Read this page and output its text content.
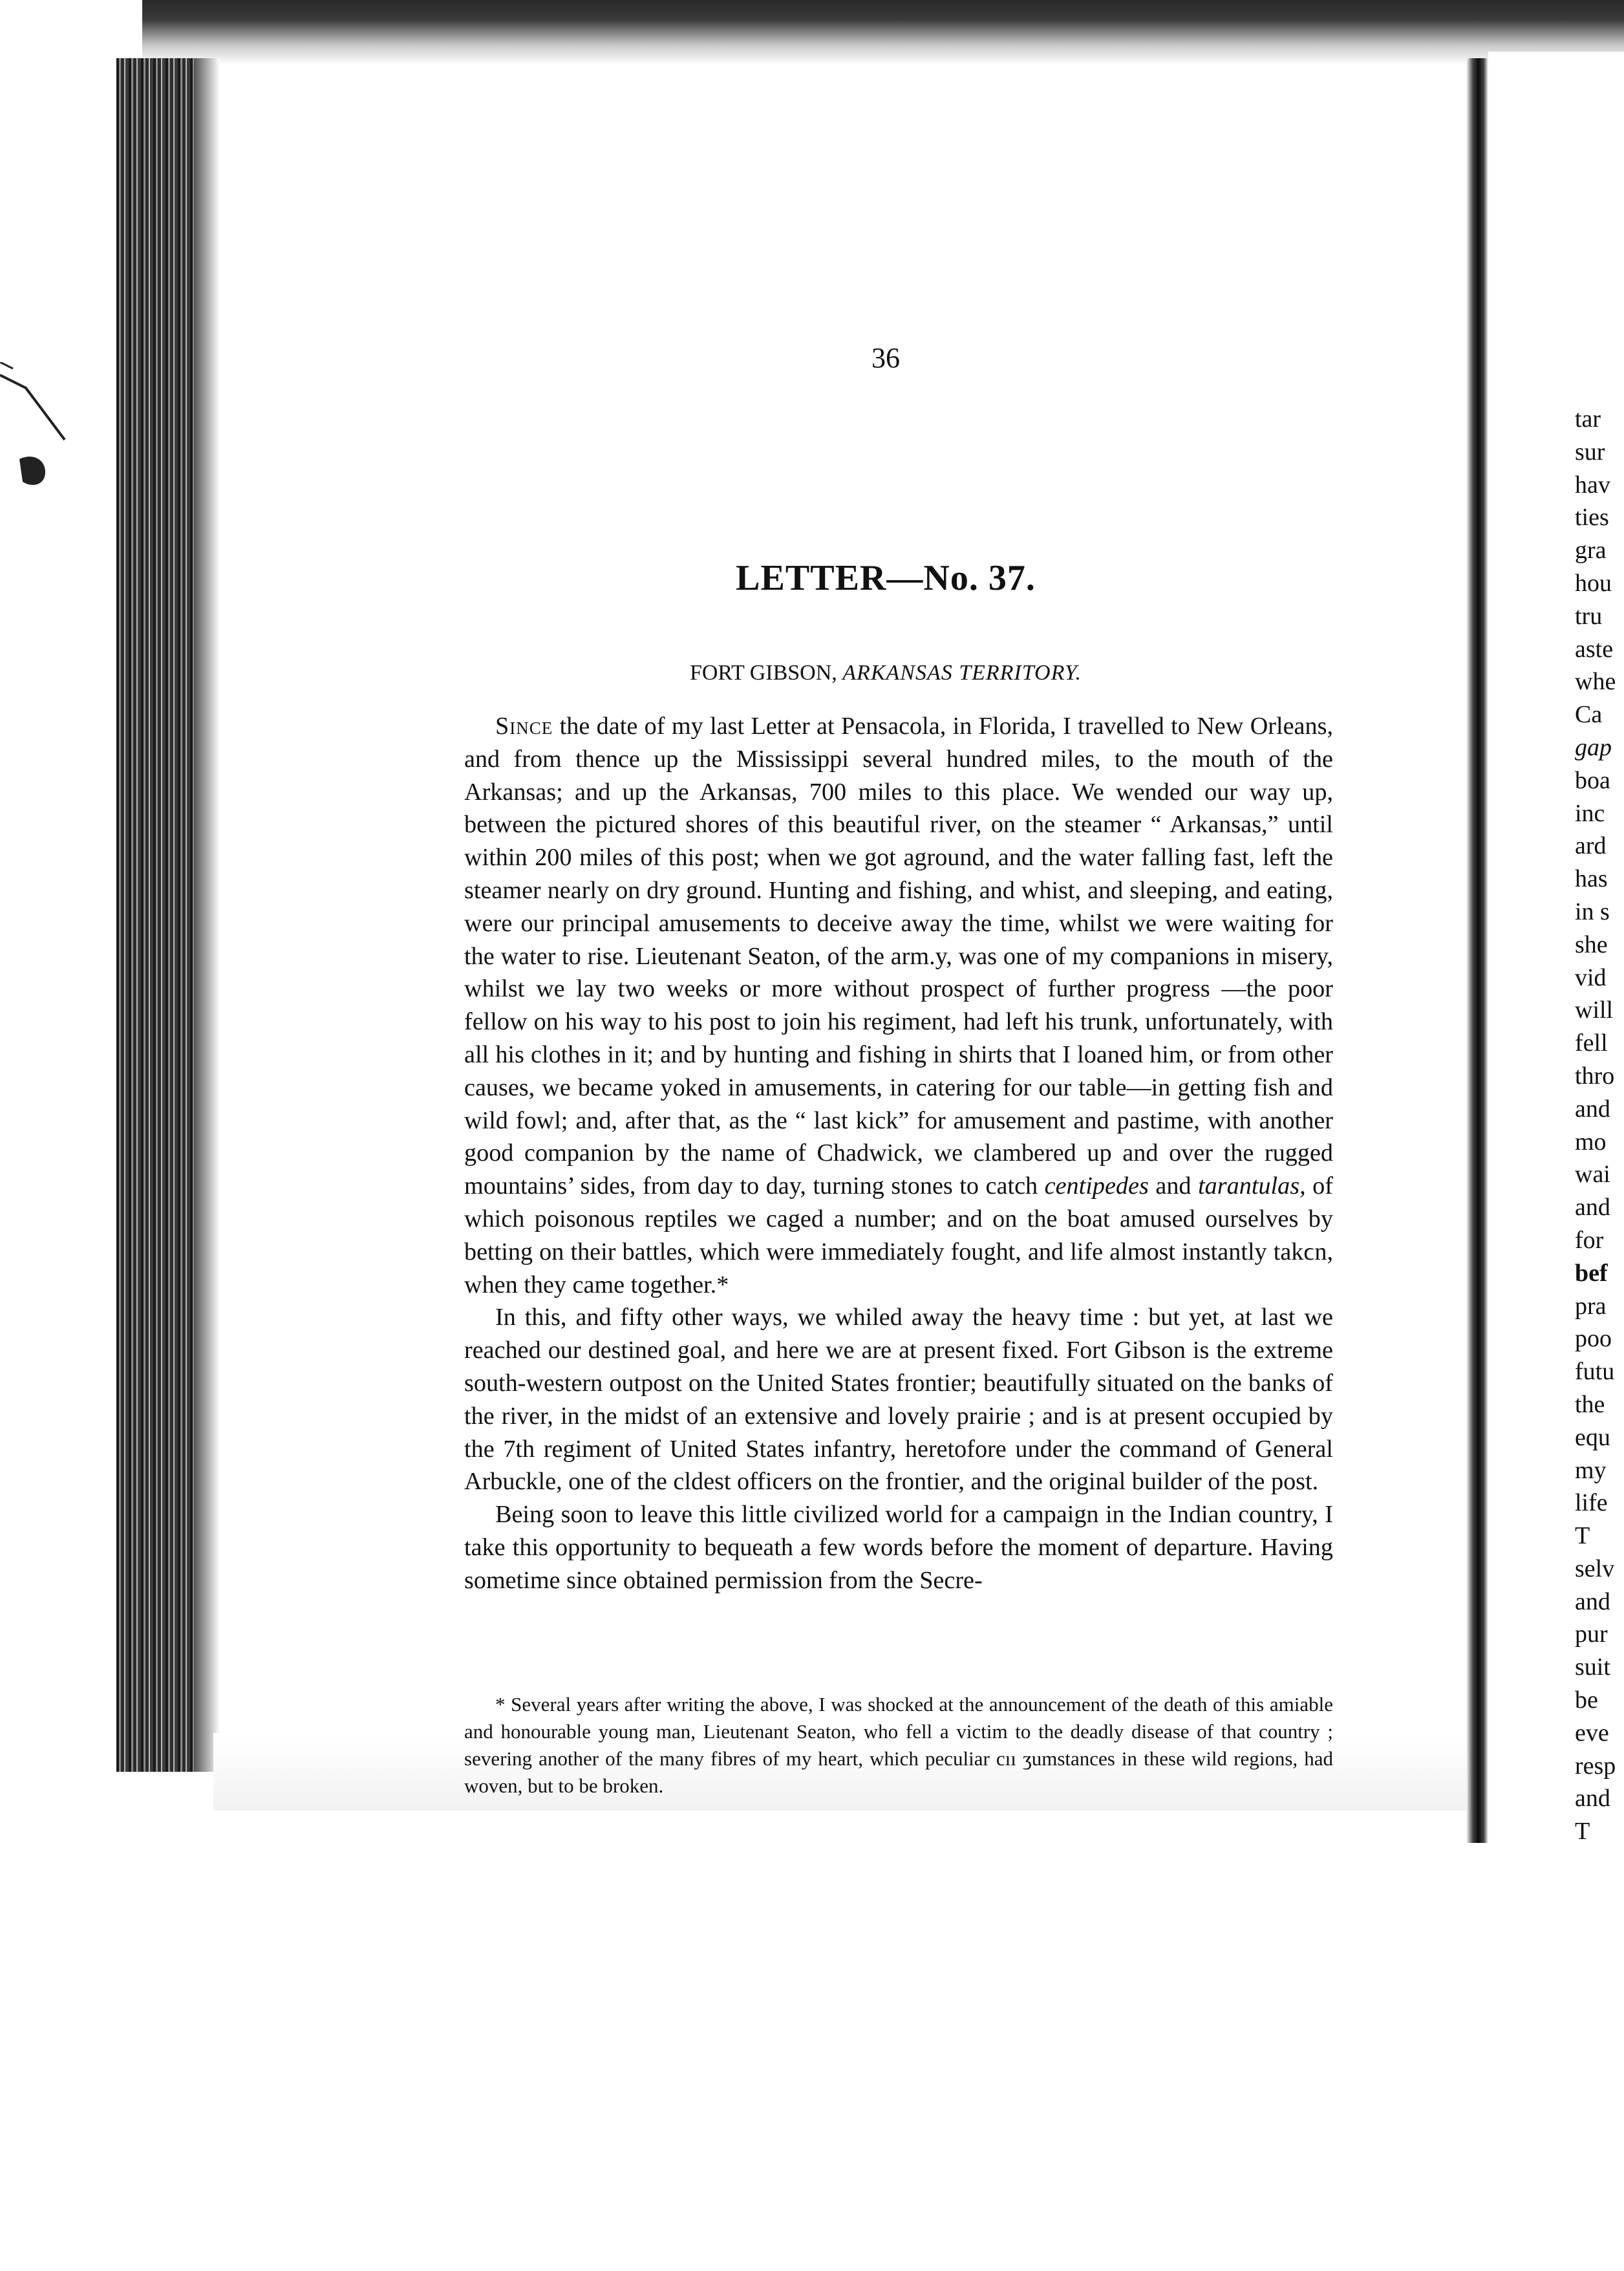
36
LETTER—No. 37.
FORT GIBSON, ARKANSAS TERRITORY.

Since the date of my last Letter at Pensacola, in Florida, I travelled to New Orleans, and from thence up the Mississippi several hundred miles, to the mouth of the Arkansas; and up the Arkansas, 700 miles to this place. We wended our way up, between the pictured shores of this beautiful river, on the steamer “ Arkansas,” until within 200 miles of this post; when we got aground, and the water falling fast, left the steamer nearly on dry ground. Hunting and fishing, and whist, and sleeping, and eating, were our principal amusements to deceive away the time, whilst we were waiting for the water to rise. Lieutenant Seaton, of the arm.y, was one of my companions in misery, whilst we lay two weeks or more without prospect of further progress —the poor fellow on his way to his post to join his regiment, had left his trunk, unfortunately, with all his clothes in it; and by hunting and fishing in shirts that I loaned him, or from other causes, we became yoked in amusements, in catering for our table—in getting fish and wild fowl; and, after that, as the “ last kick” for amusement and pastime, with another good companion by the name of Chadwick, we clambered up and over the rugged mountains’ sides, from day to day, turning stones to catch centipedes and tarantulas, of which poisonous reptiles we caged a number; and on the boat amused ourselves by betting on their battles, which were immediately fought, and life almost instantly takϲn, when they came together.*

In this, and fifty other ways, we whiled away the heavy time : but yet, at last we reached our destined goal, and here we are at present fixed. Fort Gibson is the extreme south-western outpost on the United States frontier; beautifully situated on the banks of the river, in the midst of an extensive and lovely prairie ; and is at present occupied by the 7th regiment of United States infantry, heretofore under the command of General Arbuckle, one of the cldest officers on the frontier, and the original builder of the post.

Being soon to leave this little civilized world for a campaign in the Indian country, I take this opportunity to bequeath a few words before the moment of departure. Having sometime since obtained permission from the Secre-

* Several years after writing the above, I was shocked at the announcement of the death of this amiable and honourable young man, Lieutenant Seaton, who fell a victim to the deadly disease of that country ; severing another of the many fibres of my heart, which peculiar cıı ʒumstances in these wild regions, had woven, but to be broken.

tar
sur
hav
ties
gra
hou
tru
aste
whe
Ca
gap
boa
inc
ard
has
in s
she
vid
will
fell
thro
and
mo
wai
and
for
bef
pra
poo
futu
the
equ
my
life
T
selv
and
pur
suit
be
eve
resp
and
T
